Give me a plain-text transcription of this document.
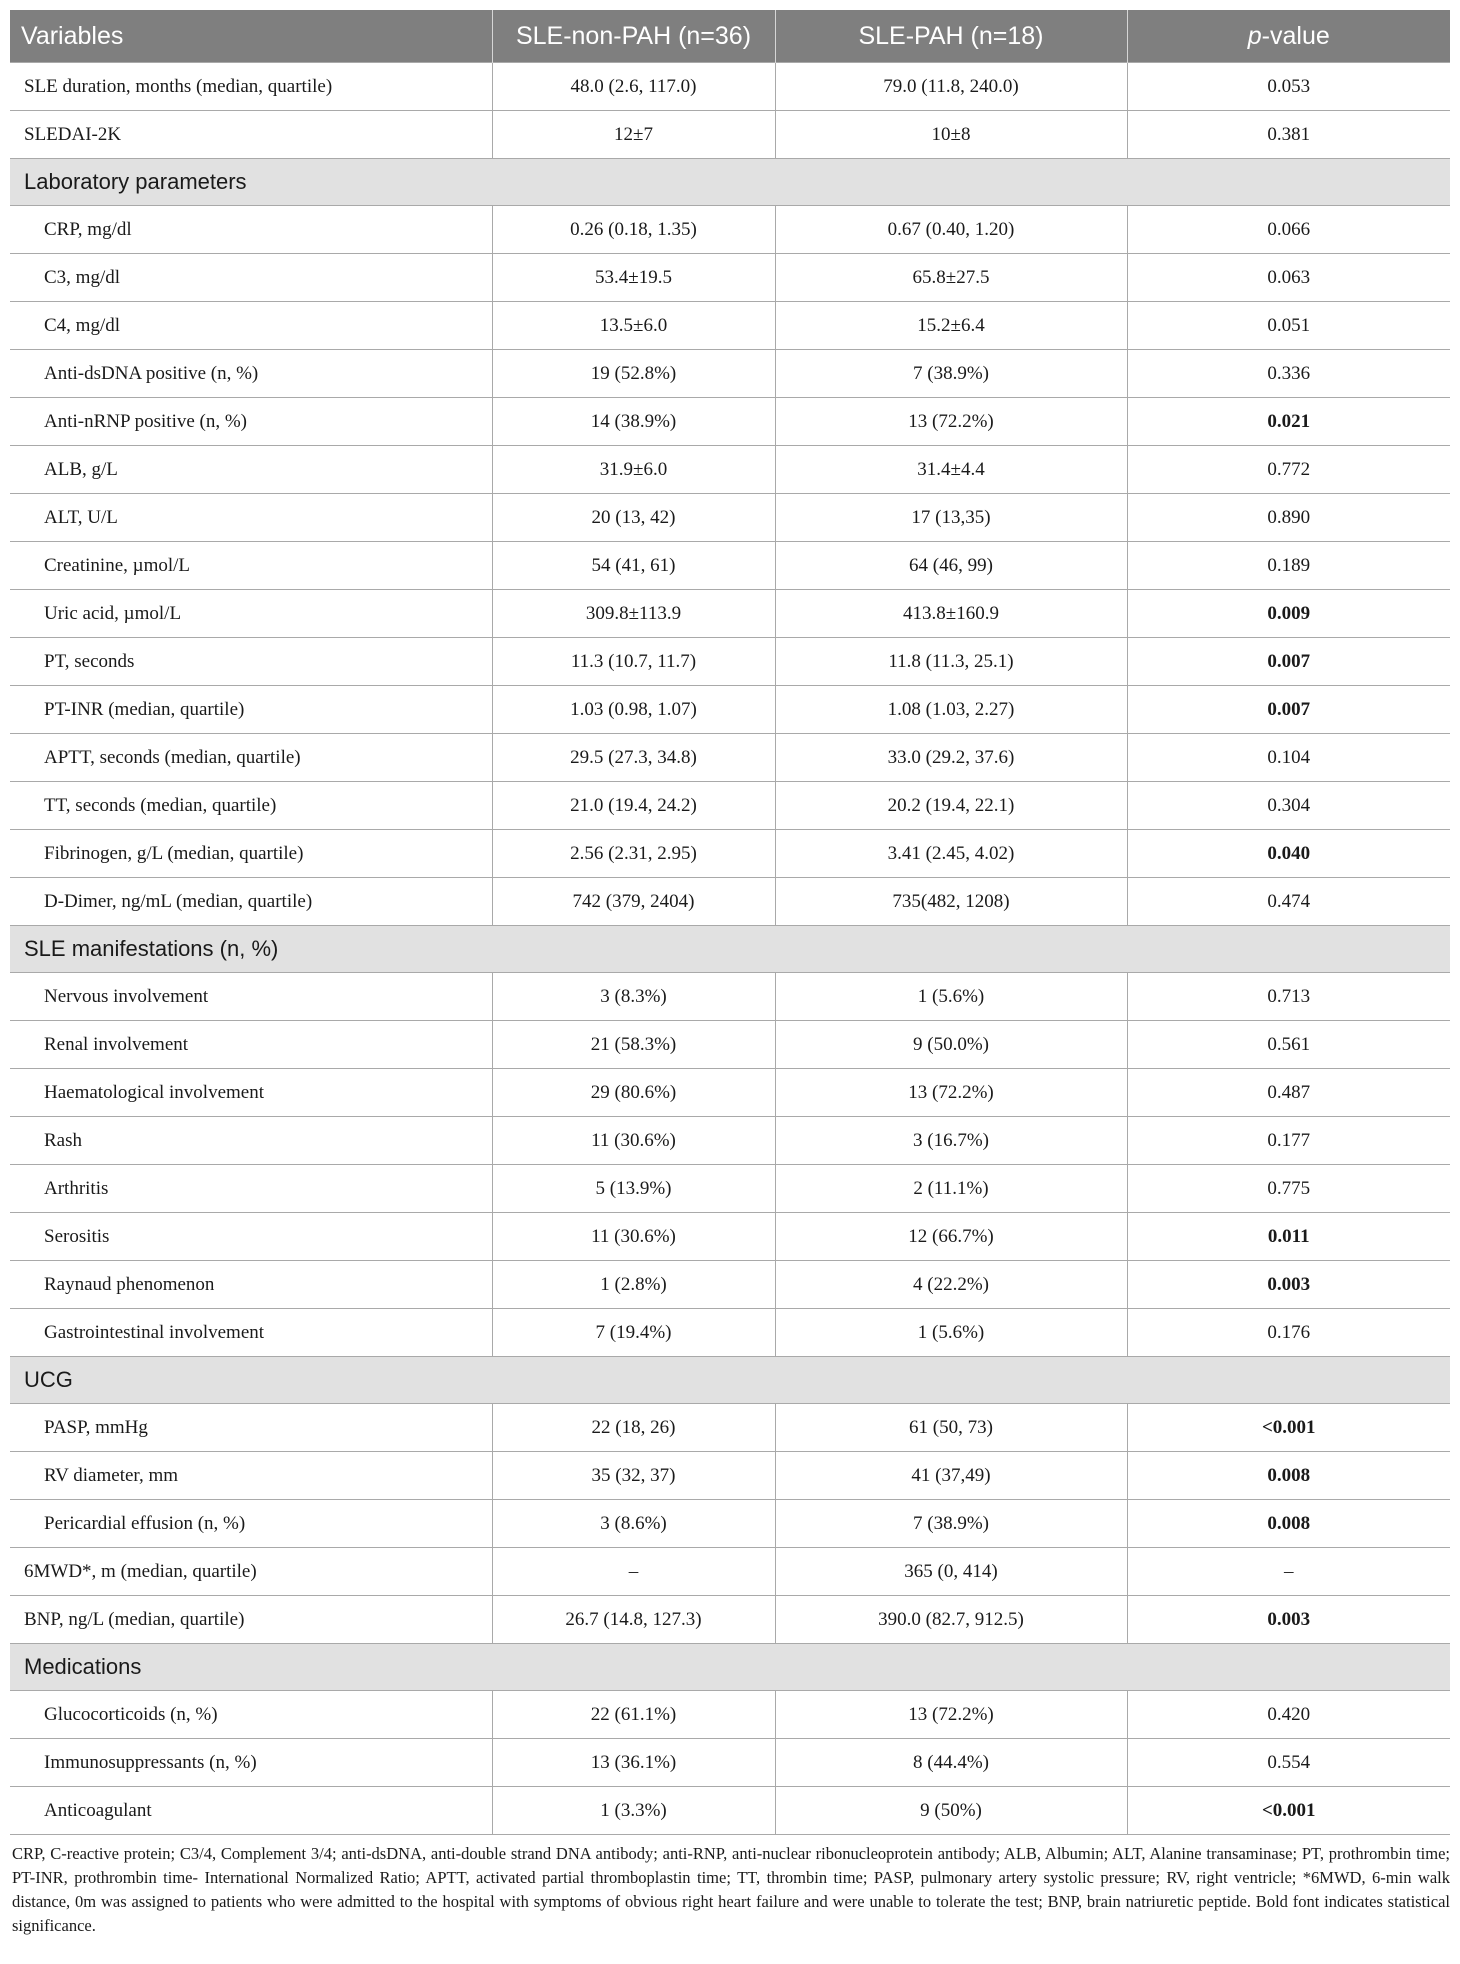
Variables	SLE-non-PAH (n=36)	SLE-PAH (n=18)	p-value
SLE duration, months (median, quartile)	48.0 (2.6, 117.0)	79.0 (11.8, 240.0)	0.053
SLEDAI-2K	12±7	10±8	0.381
Laboratory parameters			
CRP, mg/dl	0.26 (0.18, 1.35)	0.67 (0.40, 1.20)	0.066
C3, mg/dl	53.4±19.5	65.8±27.5	0.063
C4, mg/dl	13.5±6.0	15.2±6.4	0.051
Anti-dsDNA positive (n, %)	19 (52.8%)	7 (38.9%)	0.336
Anti-nRNP positive (n, %)	14 (38.9%)	13 (72.2%)	0.021
ALB, g/L	31.9±6.0	31.4±4.4	0.772
ALT, U/L	20 (13, 42)	17 (13,35)	0.890
Creatinine, µmol/L	54 (41, 61)	64 (46, 99)	0.189
Uric acid, µmol/L	309.8±113.9	413.8±160.9	0.009
PT, seconds	11.3 (10.7, 11.7)	11.8 (11.3, 25.1)	0.007
PT-INR (median, quartile)	1.03 (0.98, 1.07)	1.08 (1.03, 2.27)	0.007
APTT, seconds (median, quartile)	29.5 (27.3, 34.8)	33.0 (29.2, 37.6)	0.104
TT, seconds (median, quartile)	21.0 (19.4, 24.2)	20.2 (19.4, 22.1)	0.304
Fibrinogen, g/L (median, quartile)	2.56 (2.31, 2.95)	3.41 (2.45, 4.02)	0.040
D-Dimer, ng/mL (median, quartile)	742 (379, 2404)	735(482, 1208)	0.474
SLE manifestations (n, %)			
Nervous involvement	3 (8.3%)	1 (5.6%)	0.713
Renal involvement	21 (58.3%)	9 (50.0%)	0.561
Haematological involvement	29 (80.6%)	13 (72.2%)	0.487
Rash	11 (30.6%)	3 (16.7%)	0.177
Arthritis	5 (13.9%)	2 (11.1%)	0.775
Serositis	11 (30.6%)	12 (66.7%)	0.011
Raynaud phenomenon	1 (2.8%)	4 (22.2%)	0.003
Gastrointestinal involvement	7 (19.4%)	1 (5.6%)	0.176
UCG			
PASP, mmHg	22 (18, 26)	61 (50, 73)	<0.001
RV diameter, mm	35 (32, 37)	41 (37,49)	0.008
Pericardial effusion (n, %)	3 (8.6%)	7 (38.9%)	0.008
6MWD*, m (median, quartile)	–	365 (0, 414)	–
BNP, ng/L (median, quartile)	26.7 (14.8, 127.3)	390.0 (82.7, 912.5)	0.003
Medications			
Glucocorticoids (n, %)	22 (61.1%)	13 (72.2%)	0.420
Immunosuppressants (n, %)	13 (36.1%)	8 (44.4%)	0.554
Anticoagulant	1 (3.3%)	9 (50%)	<0.001
CRP, C-reactive protein; C3/4, Complement 3/4; anti-dsDNA, anti-double strand DNA antibody; anti-RNP, anti-nuclear ribonucleoprotein antibody; ALB, Albumin; ALT, Alanine transaminase; PT, prothrombin time; PT-INR, prothrombin time- International Normalized Ratio; APTT, activated partial thromboplastin time; TT, thrombin time; PASP, pulmonary artery systolic pressure; RV, right ventricle; *6MWD, 6-min walk distance, 0m was assigned to patients who were admitted to the hospital with symptoms of obvious right heart failure and were unable to tolerate the test; BNP, brain natriuretic peptide. Bold font indicates statistical significance.
